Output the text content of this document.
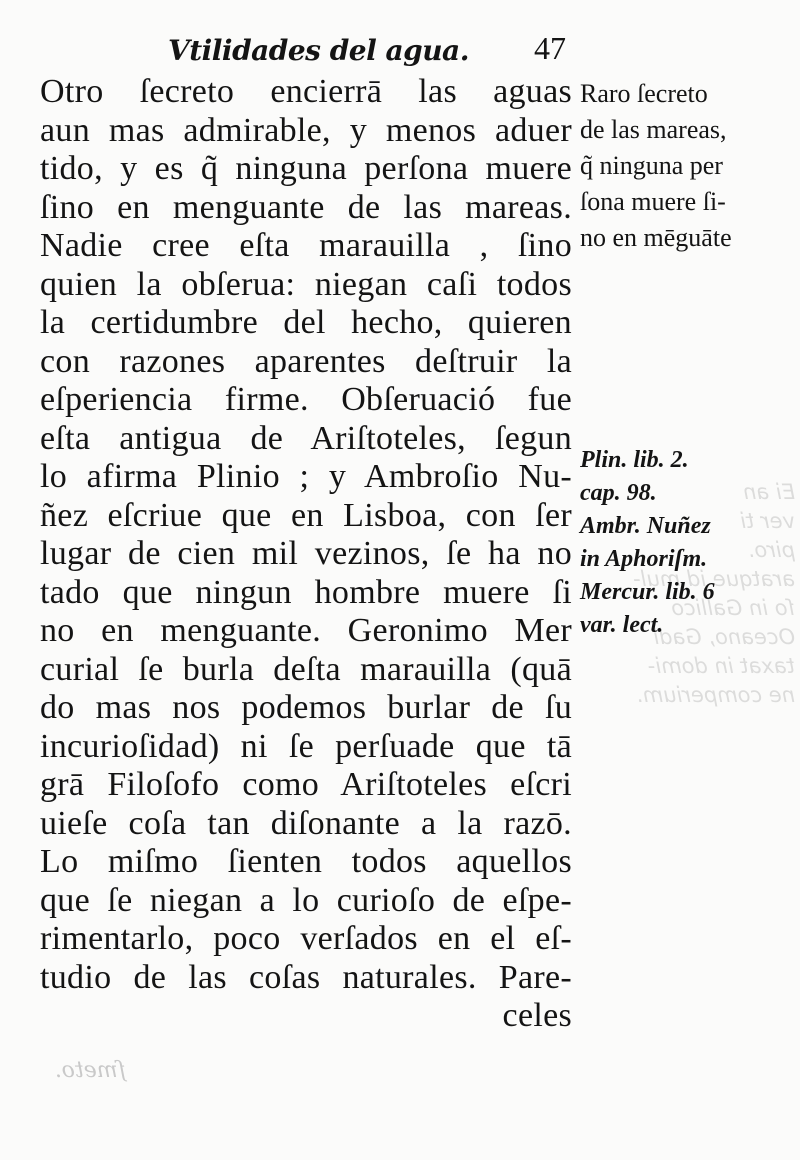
Ei an
ver ti
piro.
aratque id mul-
ſo in Gallico
Oceano, Gadi
taxat in domi-
ne comperium.
ſmeto.
Vtilidades del agua. 47
Otro ſecreto encierrā las aguas
aun mas admirable, y menos aduer
tido, y es q̃ ninguna perſona muere
ſino en menguante de las mareas.
Nadie cree eſta marauilla , ſino
quien la obſerua: niegan caſi todos
la certidumbre del hecho, quieren
con razones aparentes deſtruir la
eſperiencia firme. Obſeruació fue
eſta antigua de Ariſtoteles, ſegun
lo afirma Plinio ; y Ambroſio Nu-
ñez eſcriue que en Lisboa, con ſer
lugar de cien mil vezinos, ſe ha no
tado que ningun hombre muere ſi
no en menguante. Geronimo Mer
curial ſe burla deſta marauilla (quā
do mas nos podemos burlar de ſu
incurioſidad) ni ſe perſuade que tā
grā Filoſofo como Ariſtoteles eſcri
uieſe coſa tan diſonante a la razō.
Lo miſmo ſienten todos aquellos
que ſe niegan a lo curioſo de eſpe-
rimentarlo, poco verſados en el eſ-
tudio de las coſas naturales. Pare-
celes
Raro ſecreto
de las mareas,
q̃ ninguna per
ſona muere ſi-
no en mēguāte
Plin. lib. 2.
cap. 98.
Ambr. Nuñez
in Aphoriſm.
Mercur. lib. 6
var. lect.
